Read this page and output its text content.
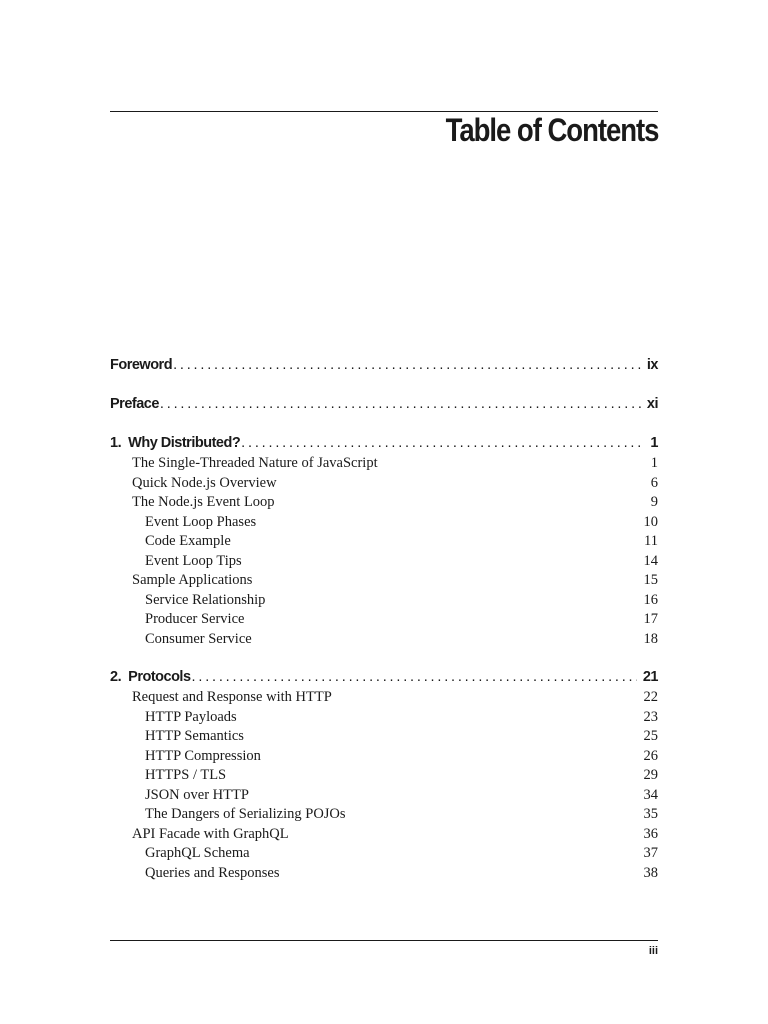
Table of Contents
Foreword .....	ix
Preface .....	xi
1.  Why Distributed? .....	1
The Single-Threaded Nature of JavaScript	1
Quick Node.js Overview	6
The Node.js Event Loop	9
Event Loop Phases	10
Code Example	11
Event Loop Tips	14
Sample Applications	15
Service Relationship	16
Producer Service	17
Consumer Service	18
2.  Protocols .....	21
Request and Response with HTTP	22
HTTP Payloads	23
HTTP Semantics	25
HTTP Compression	26
HTTPS / TLS	29
JSON over HTTP	34
The Dangers of Serializing POJOs	35
API Facade with GraphQL	36
GraphQL Schema	37
Queries and Responses	38
iii
